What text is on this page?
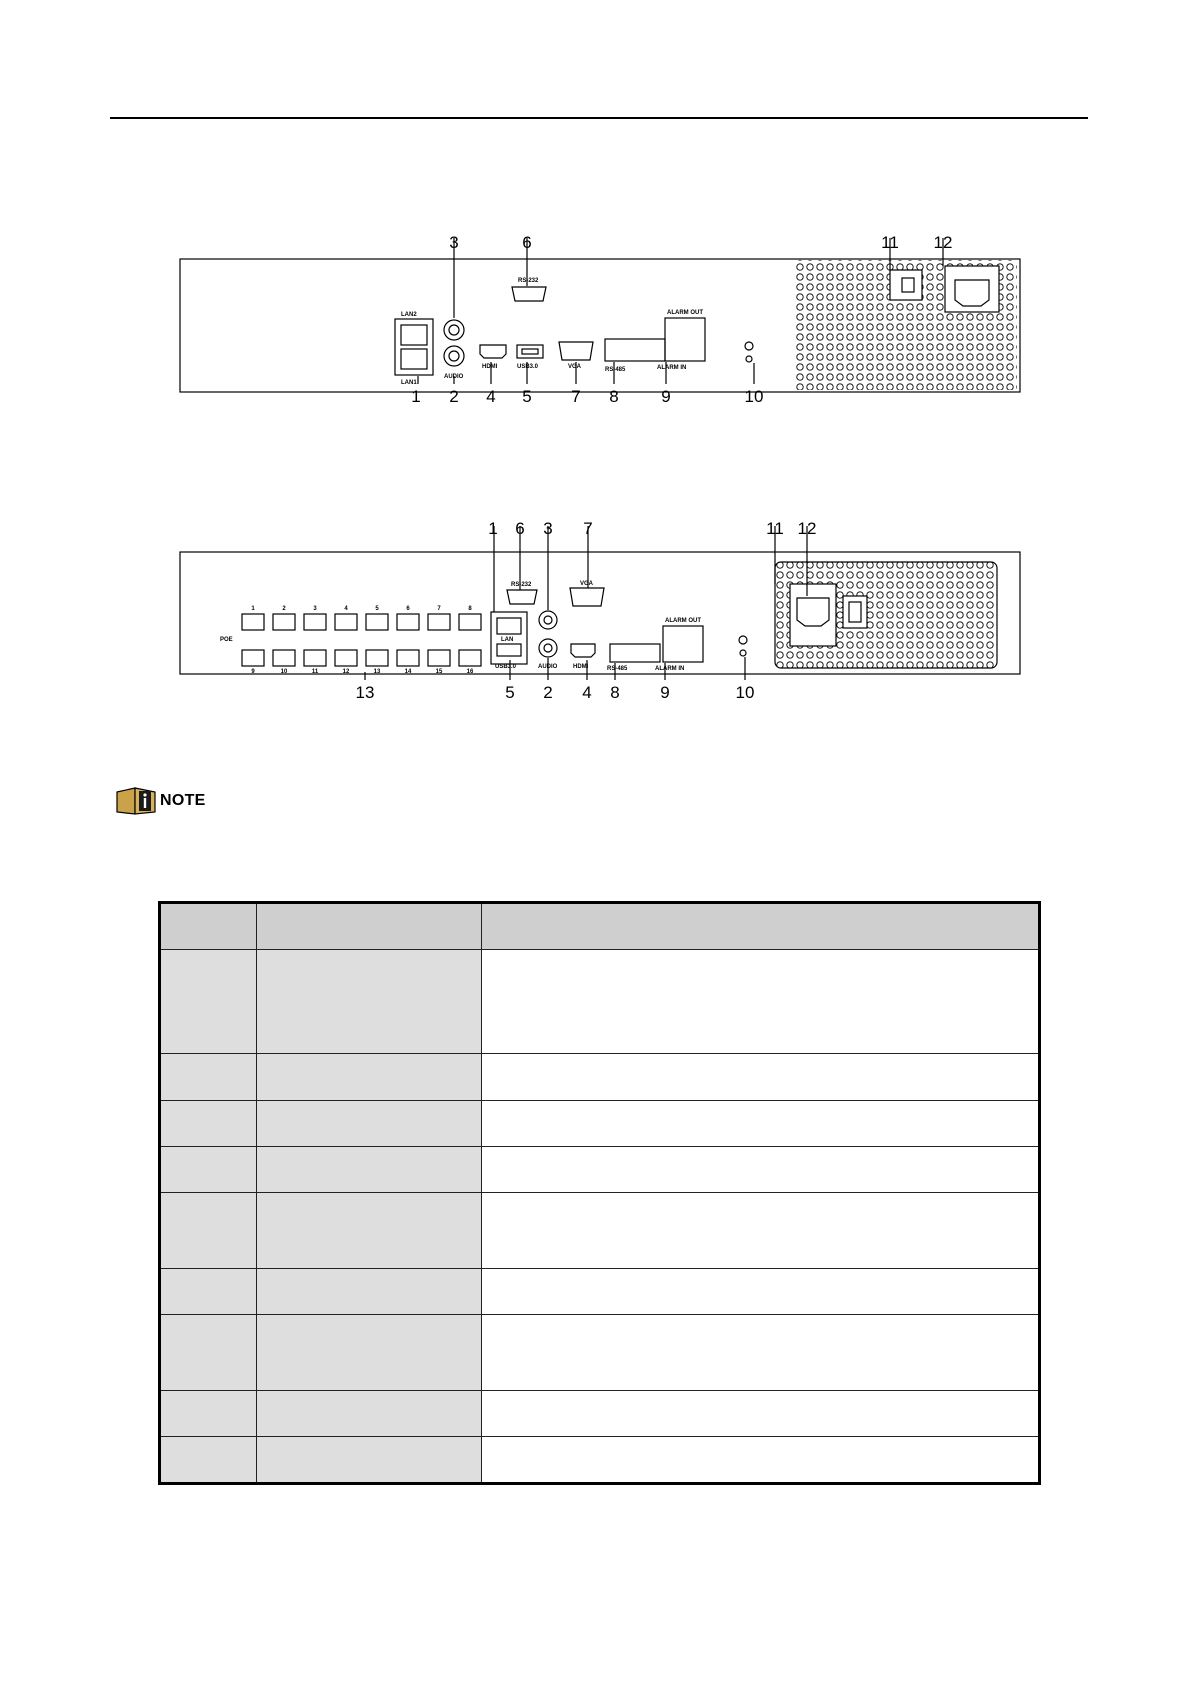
LAN2
LAN1
AUDIO
HDMI	USB3.0
RS-232
VGA	RS-485	ALARM IN
ALARM OUT
1 2
3
4 5
6
7 8	9	10
11 12
1	2	3	4	5	6	7	8
9	10	11	12	13	14	15	16
POE	LAN
USB3.0	AUDIO	HDMI
RS-232	VGA
RS-485	ALARM IN
ALARM OUT
1 6 3 7	11 12
13	5 2 4 8 9	10
NOTE
